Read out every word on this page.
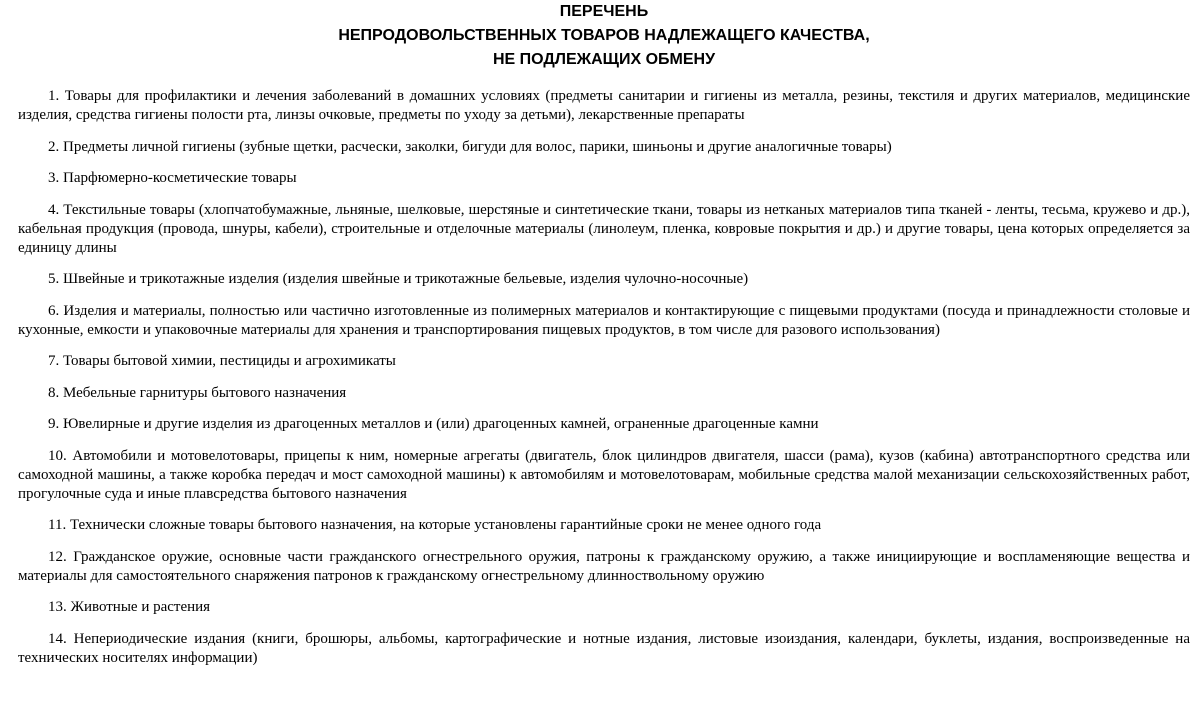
ПЕРЕЧЕНЬ
НЕПРОДОВОЛЬСТВЕННЫХ ТОВАРОВ НАДЛЕЖАЩЕГО КАЧЕСТВА,
НЕ ПОДЛЕЖАЩИХ ОБМЕНУ

1. Товары для профилактики и лечения заболеваний в домашних условиях (предметы санитарии и гигиены из металла, резины, текстиля и других материалов, медицинские изделия, средства гигиены полости рта, линзы очковые, предметы по уходу за детьми), лекарственные препараты

2. Предметы личной гигиены (зубные щетки, расчески, заколки, бигуди для волос, парики, шиньоны и другие аналогичные товары)

3. Парфюмерно-косметические товары

4. Текстильные товары (хлопчатобумажные, льняные, шелковые, шерстяные и синтетические ткани, товары из нетканых материалов типа тканей - ленты, тесьма, кружево и др.), кабельная продукция (провода, шнуры, кабели), строительные и отделочные материалы (линолеум, пленка, ковровые покрытия и др.) и другие товары, цена которых определяется за единицу длины

5. Швейные и трикотажные изделия (изделия швейные и трикотажные бельевые, изделия чулочно-носочные)

6. Изделия и материалы, полностью или частично изготовленные из полимерных материалов и контактирующие с пищевыми продуктами (посуда и принадлежности столовые и кухонные, емкости и упаковочные материалы для хранения и транспортирования пищевых продуктов, в том числе для разового использования)

7. Товары бытовой химии, пестициды и агрохимикаты

8. Мебельные гарнитуры бытового назначения

9. Ювелирные и другие изделия из драгоценных металлов и (или) драгоценных камней, ограненные драгоценные камни

10. Автомобили и мотовелотовары, прицепы к ним, номерные агрегаты (двигатель, блок цилиндров двигателя, шасси (рама), кузов (кабина) автотранспортного средства или самоходной машины, а также коробка передач и мост самоходной машины) к автомобилям и мотовелотоварам, мобильные средства малой механизации сельскохозяйственных работ, прогулочные суда и иные плавсредства бытового назначения

11. Технически сложные товары бытового назначения, на которые установлены гарантийные сроки не менее одного года

12. Гражданское оружие, основные части гражданского огнестрельного оружия, патроны к гражданскому оружию, а также инициирующие и воспламеняющие вещества и материалы для самостоятельного снаряжения патронов к гражданскому огнестрельному длинноствольному оружию

13. Животные и растения

14. Непериодические издания (книги, брошюры, альбомы, картографические и нотные издания, листовые изоиздания, календари, буклеты, издания, воспроизведенные на технических носителях информации)
